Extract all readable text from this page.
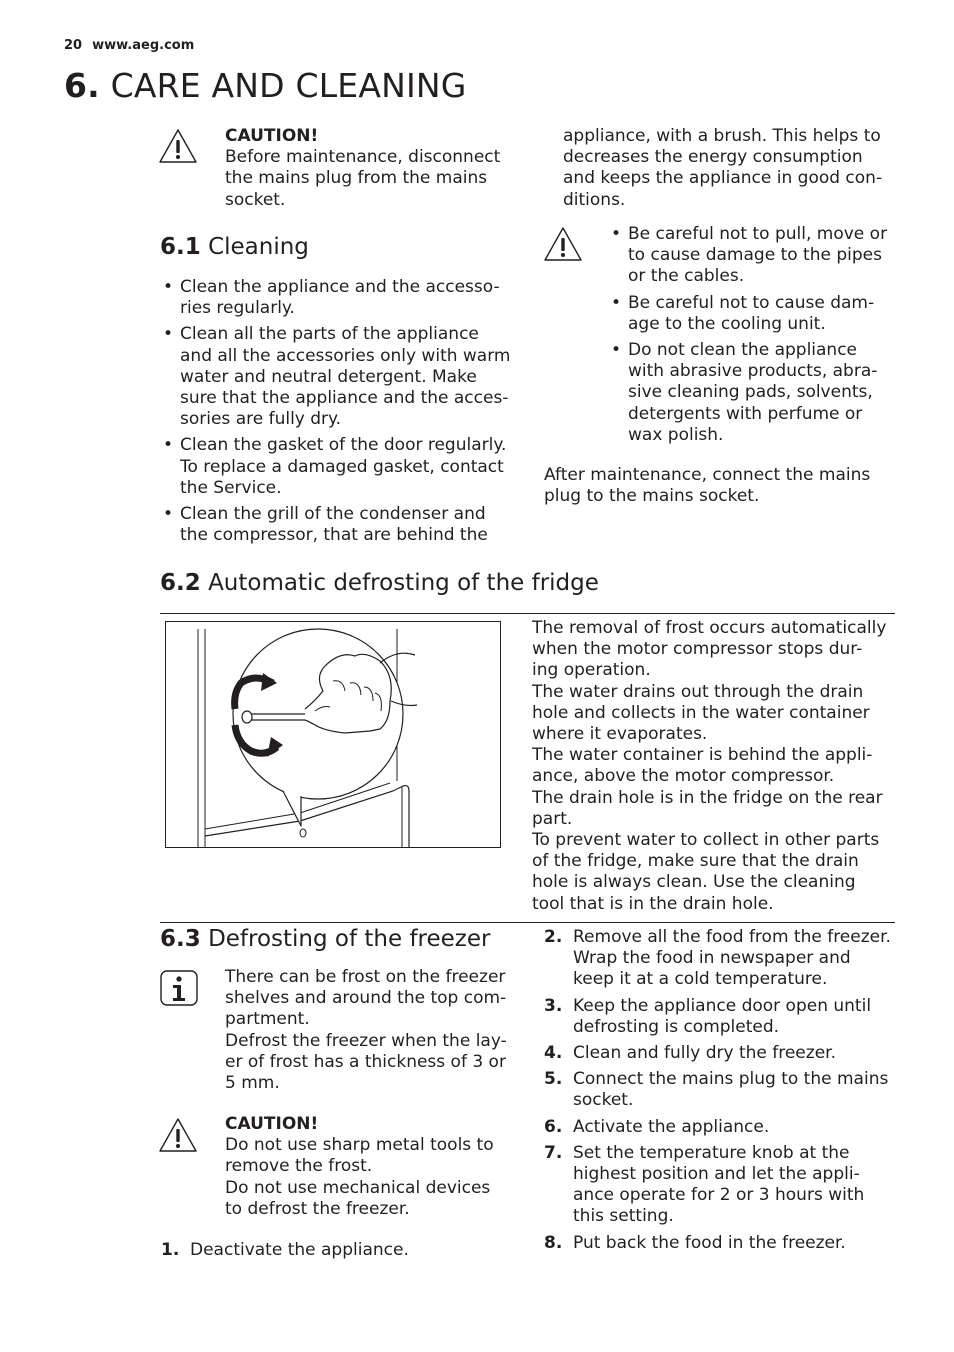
20 www.aeg.com
6. CARE AND CLEANING
CAUTION!
Before maintenance, disconnect
the mains plug from the mains
socket.
6.1 Cleaning
• Clean the appliance and the accesso-
ries regularly.
• Clean all the parts of the appliance
and all the accessories only with warm
water and neutral detergent. Make
sure that the appliance and the acces-
sories are fully dry.
• Clean the gasket of the door regularly.
To replace a damaged gasket, contact
the Service.
• Clean the grill of the condenser and
the compressor, that are behind the
appliance, with a brush. This helps to
decreases the energy consumption
and keeps the appliance in good con-
ditions.
• Be careful not to pull, move or
to cause damage to the pipes
or the cables.
• Be careful not to cause dam-
age to the cooling unit.
• Do not clean the appliance
with abrasive products, abra-
sive cleaning pads, solvents,
detergents with perfume or
wax polish.
After maintenance, connect the mains
plug to the mains socket.
6.2 Automatic defrosting of the fridge
The removal of frost occurs automatically
when the motor compressor stops dur-
ing operation.
The water drains out through the drain
hole and collects in the water container
where it evaporates.
The water container is behind the appli-
ance, above the motor compressor.
The drain hole is in the fridge on the rear
part.
To prevent water to collect in other parts
of the fridge, make sure that the drain
hole is always clean. Use the cleaning
tool that is in the drain hole.
6.3 Defrosting of the freezer
There can be frost on the freezer
shelves and around the top com-
partment.
Defrost the freezer when the lay-
er of frost has a thickness of 3 or
5 mm.
CAUTION!
Do not use sharp metal tools to
remove the frost.
Do not use mechanical devices
to defrost the freezer.
1. Deactivate the appliance.
2. Remove all the food from the freezer.
Wrap the food in newspaper and
keep it at a cold temperature.
3. Keep the appliance door open until
defrosting is completed.
4. Clean and fully dry the freezer.
5. Connect the mains plug to the mains
socket.
6. Activate the appliance.
7. Set the temperature knob at the
highest position and let the appli-
ance operate for 2 or 3 hours with
this setting.
8. Put back the food in the freezer.
